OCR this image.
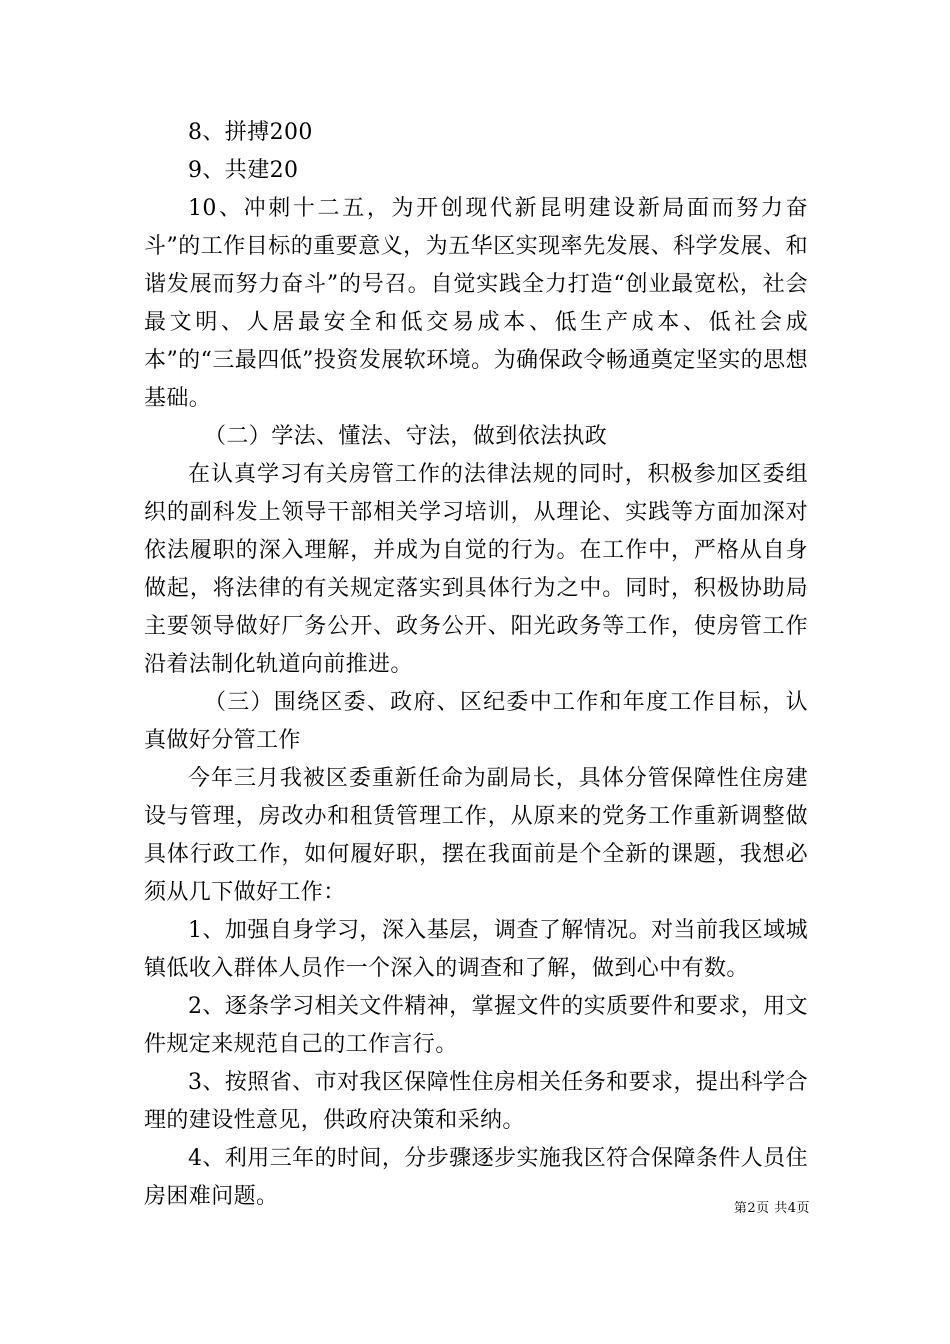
8、拼搏200

9、共建20

10、冲刺十二五，为开创现代新昆明建设新局面而努力奋斗”的工作目标的重要意义，为五华区实现率先发展、科学发展、和谐发展而努力奋斗”的号召。自觉实践全力打造“创业最宽松，社会最文明、人居最安全和低交易成本、低生产成本、低社会成本”的“三最四低”投资发展软环境。为确保政令畅通奠定坚实的思想基础。

（二）学法、懂法、守法，做到依法执政

在认真学习有关房管工作的法律法规的同时，积极参加区委组织的副科发上领导干部相关学习培训，从理论、实践等方面加深对依法履职的深入理解，并成为自觉的行为。在工作中，严格从自身做起，将法律的有关规定落实到具体行为之中。同时，积极协助局主要领导做好厂务公开、政务公开、阳光政务等工作，使房管工作沿着法制化轨道向前推进。

（三）围绕区委、政府、区纪委中工作和年度工作目标，认真做好分管工作

今年三月我被区委重新任命为副局长，具体分管保障性住房建设与管理，房改办和租赁管理工作，从原来的党务工作重新调整做具体行政工作，如何履好职，摆在我面前是个全新的课题，我想必须从几下做好工作：

1、加强自身学习，深入基层，调查了解情况。对当前我区域城镇低收入群体人员作一个深入的调查和了解，做到心中有数。

2、逐条学习相关文件精神，掌握文件的实质要件和要求，用文件规定来规范自己的工作言行。

3、按照省、市对我区保障性住房相关任务和要求，提出科学合理的建设性意见，供政府决策和采纳。

4、利用三年的时间，分步骤逐步实施我区符合保障条件人员住房困难问题。	第2页 共4页
